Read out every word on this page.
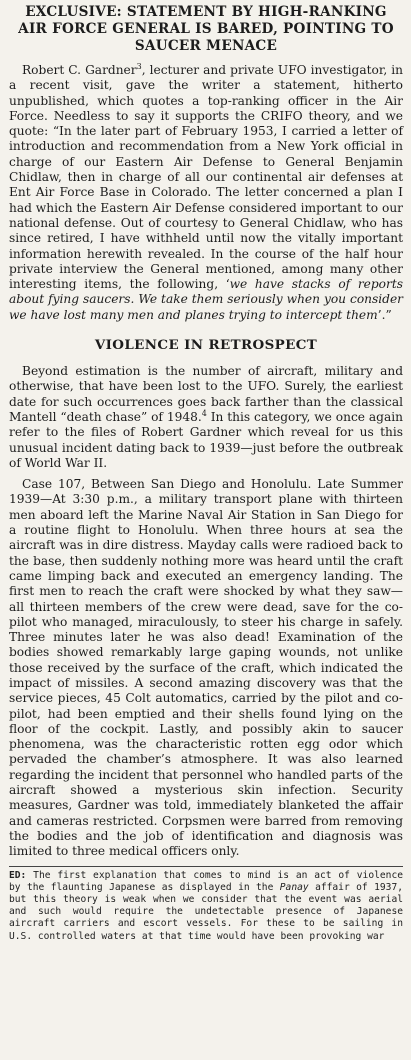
EXCLUSIVE: STATEMENT BY HIGH-RANKING
AIR FORCE GENERAL IS BARED, POINTING TO
SAUCER MENACE

Robert C. Gardner$^3$, lecturer and private UFO investigator, in a recent visit, gave the writer a statement, hitherto unpublished, which quotes a top-ranking officer in the Air Force. Needless to say it supports the CRIFO theory, and we quote: “In the later part of February 1953, I carried a letter of introduction and recommendation from a New York official in charge of our Eastern Air Defense to General Benjamin Chidlaw, then in charge of all our continental air defenses at Ent Air Force Base in Colorado. The letter concerned a plan I had which the Eastern Air Defense considered important to our national defense. Out of courtesy to General Chidlaw, who has since retired, I have withheld until now the vitally important information herewith revealed. In the course of the half hour private interview the General mentioned, among many other interesting items, the following, ‘we have stacks of reports about fying saucers. We take them seriously when you consider we have lost many men and planes trying to intercept them’.”

VIOLENCE IN RETROSPECT

Beyond estimation is the number of aircraft, military and otherwise, that have been lost to the UFO. Surely, the earliest date for such occurrences goes back farther than the classical Mantell “death chase” of 1948.$^4$ In this category, we once again refer to the files of Robert Gardner which reveal for us this unusual incident dating back to 1939—just before the outbreak of World War II.

Case 107, Between San Diego and Honolulu. Late Summer 1939—At 3:30 p.m., a military transport plane with thirteen men aboard left the Marine Naval Air Station in San Diego for a routine flight to Honolulu. When three hours at sea the aircraft was in dire distress. Mayday calls were radioed back to the base, then suddenly nothing more was heard until the craft came limping back and executed an emergency landing. The first men to reach the craft were shocked by what they saw—all thirteen members of the crew were dead, save for the co-pilot who managed, miraculously, to steer his charge in safely. Three minutes later he was also dead! Examination of the bodies showed remarkably large gaping wounds, not unlike those received by the surface of the craft, which indicated the impact of missiles. A second amazing discovery was that the service pieces, 45 Colt automatics, carried by the pilot and co-pilot, had been emptied and their shells found lying on the floor of the cockpit. Lastly, and possibly akin to saucer phenomena, was the characteristic rotten egg odor which pervaded the chamber’s atmosphere. It was also learned regarding the incident that personnel who handled parts of the aircraft showed a mysterious skin infection. Security measures, Gardner was told, immediately blanketed the affair and cameras restricted. Corpsmen were barred from removing the bodies and the job of identification and diagnosis was limited to three medical officers only.

ED: The first explanation that comes to mind is an act of violence by the flaunting Japanese as displayed in the Panay affair of 1937, but this theory is weak when we consider that the event was aerial and such would require the undetectable presence of Japanese aircraft carriers and escort vessels. For these to be sailing in U.S. controlled waters at that time would have been provoking war
